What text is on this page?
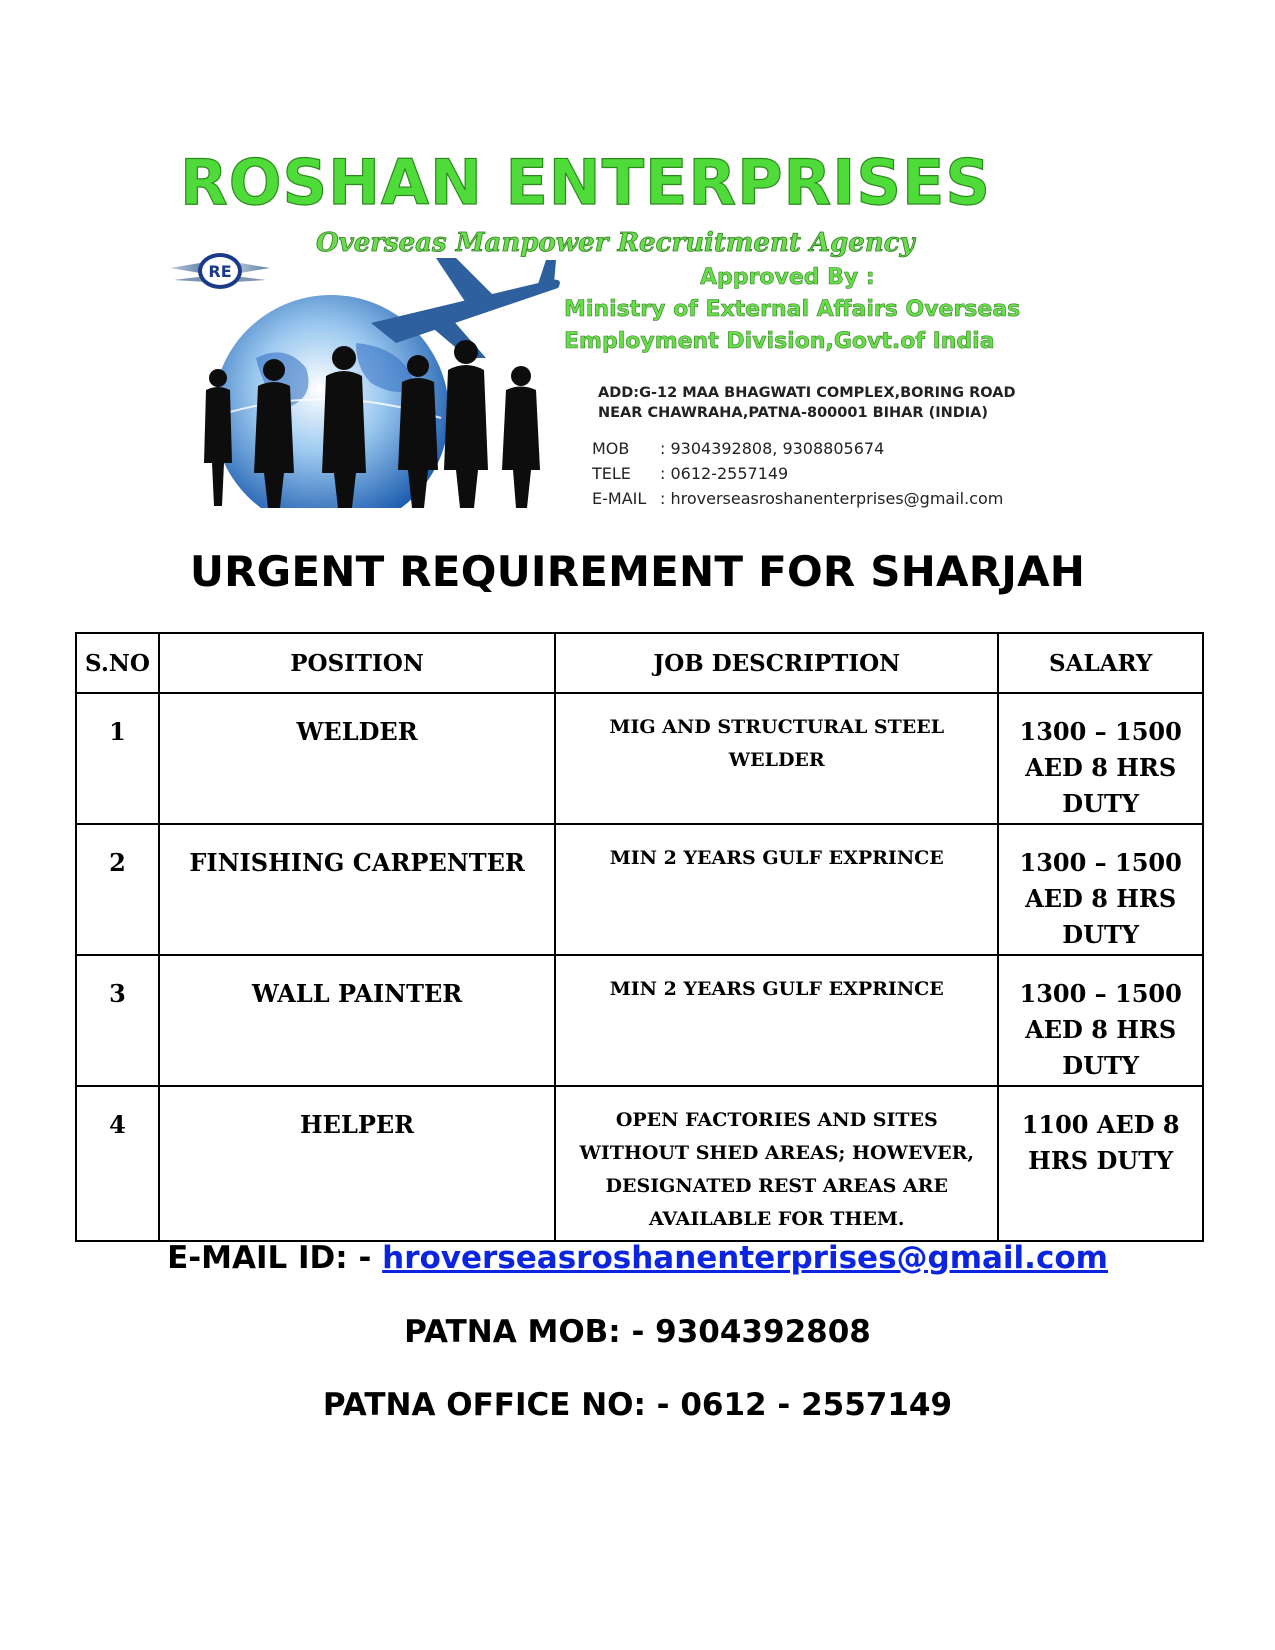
ROSHAN ENTERPRISES
Overseas Manpower Recruitment Agency
Approved By :
Ministry of External Affairs Overseas
Employment Division,Govt.of India
ADD:G-12 MAA BHAGWATI COMPLEX,BORING ROAD
NEAR CHAWRAHA,PATNA-800001 BIHAR (INDIA)
MOB : 9304392808, 9308805674
TELE : 0612-2557149
E-MAIL : hroverseasroshanenterprises@gmail.com
RE
URGENT REQUIREMENT FOR SHARJAH
S.NO	POSITION	JOB DESCRIPTION	SALARY
1	WELDER	MIG AND STRUCTURAL STEEL WELDER	1300 – 1500 AED 8 HRS DUTY
2	FINISHING CARPENTER	MIN 2 YEARS GULF EXPRINCE	1300 – 1500 AED 8 HRS DUTY
3	WALL PAINTER	MIN 2 YEARS GULF EXPRINCE	1300 – 1500 AED 8 HRS DUTY
4	HELPER	OPEN FACTORIES AND SITES WITHOUT SHED AREAS; HOWEVER, DESIGNATED REST AREAS ARE AVAILABLE FOR THEM.	1100 AED 8 HRS DUTY
E-MAIL ID: - hroverseasroshanenterprises@gmail.com
PATNA MOB: - 9304392808
PATNA OFFICE NO: - 0612 - 2557149
